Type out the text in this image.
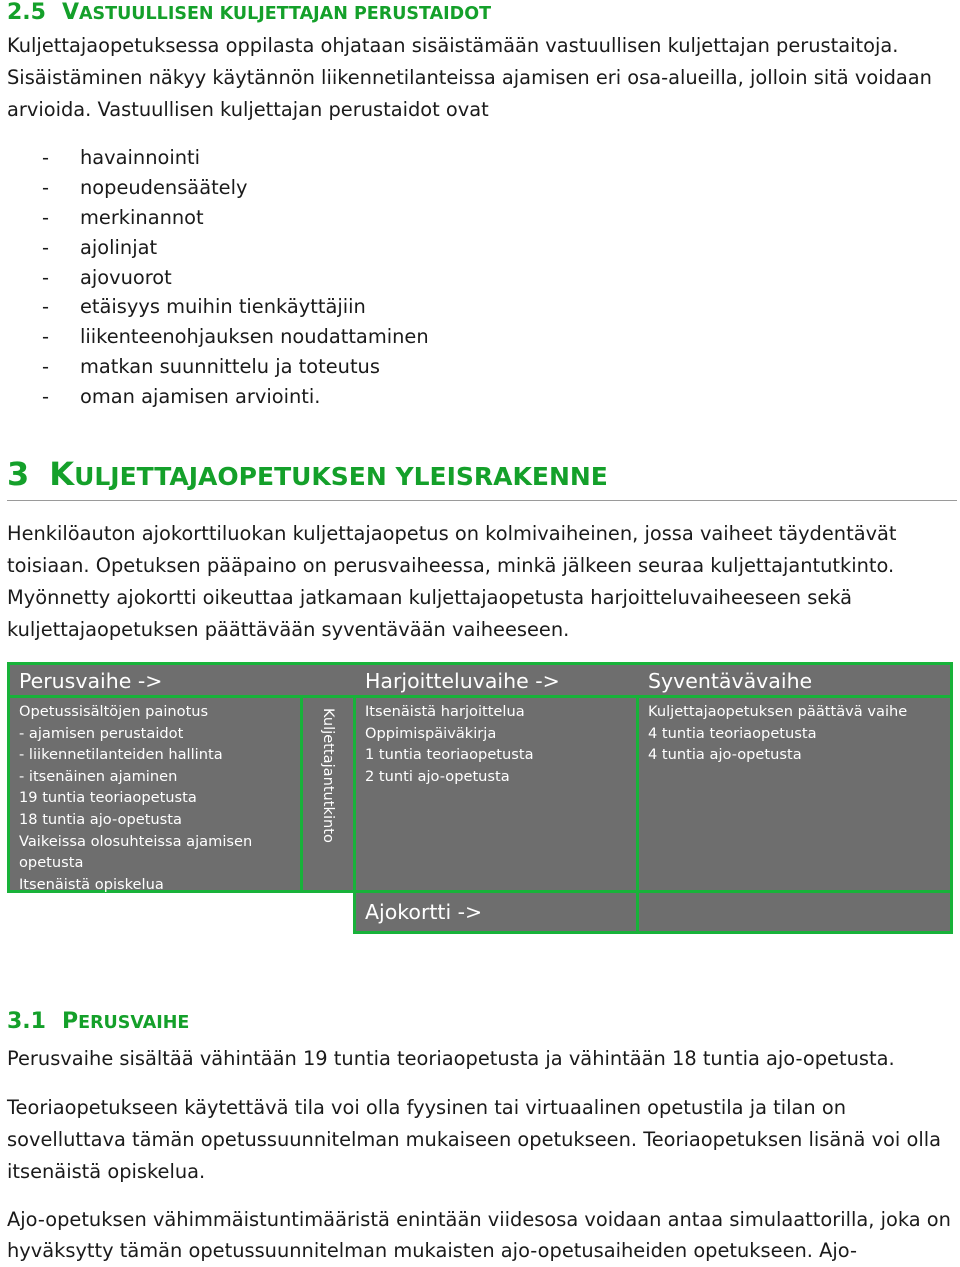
2.5 VASTUULLISEN KULJETTAJAN PERUSTAIDOT
Kuljettajaopetuksessa oppilasta ohjataan sisäistämään vastuullisen kuljettajan perustaitoja.
Sisäistäminen näkyy käytännön liikennetilanteissa ajamisen eri osa-alueilla, jolloin sitä voidaan
arvioida. Vastuullisen kuljettajan perustaidot ovat
- havainnointi
- nopeudensäätely
- merkinannot
- ajolinjat
- ajovuorot
- etäisyys muihin tienkäyttäjiin
- liikenteenohjauksen noudattaminen
- matkan suunnittelu ja toteutus
- oman ajamisen arviointi.
3 KULJETTAJAOPETUKSEN YLEISRAKENNE
Henkilöauton ajokorttiluokan kuljettajaopetus on kolmivaiheinen, jossa vaiheet täydentävät
toisiaan. Opetuksen pääpaino on perusvaiheessa, minkä jälkeen seuraa kuljettajantutkinto.
Myönnetty ajokortti oikeuttaa jatkamaan kuljettajaopetusta harjoitteluvaiheeseen sekä
kuljettajaopetuksen päättävään syventävään vaiheeseen.
Perusvaihe ->	Harjoitteluvaihe ->	Syventävävaihe
Opetussisältöjen painotus
- ajamisen perustaidot
- liikennetilanteiden hallinta
- itsenäinen ajaminen
19 tuntia teoriaopetusta
18 tuntia ajo-opetusta
Vaikeissa olosuhteissa ajamisen
opetusta
Itsenäistä opiskelua
Kuljettajantutkinto Itsenäistä harjoittelua
Oppimispäiväkirja
1 tuntia teoriaopetusta
2 tunti ajo-opetusta
Kuljettajaopetuksen päättävä vaihe
4 tuntia teoriaopetusta
4 tuntia ajo-opetusta
Ajokortti ->
3.1 PERUSVAIHE
Perusvaihe sisältää vähintään 19 tuntia teoriaopetusta ja vähintään 18 tuntia ajo-opetusta.
Teoriaopetukseen käytettävä tila voi olla fyysinen tai virtuaalinen opetustila ja tilan on
sovelluttava tämän opetussuunnitelman mukaiseen opetukseen. Teoriaopetuksen lisänä voi olla
itsenäistä opiskelua.
Ajo-opetuksen vähimmäistuntimääristä enintään viidesosa voidaan antaa simulaattorilla, joka on
hyväksytty tämän opetussuunnitelman mukaisten ajo-opetusaiheiden opetukseen. Ajo-
